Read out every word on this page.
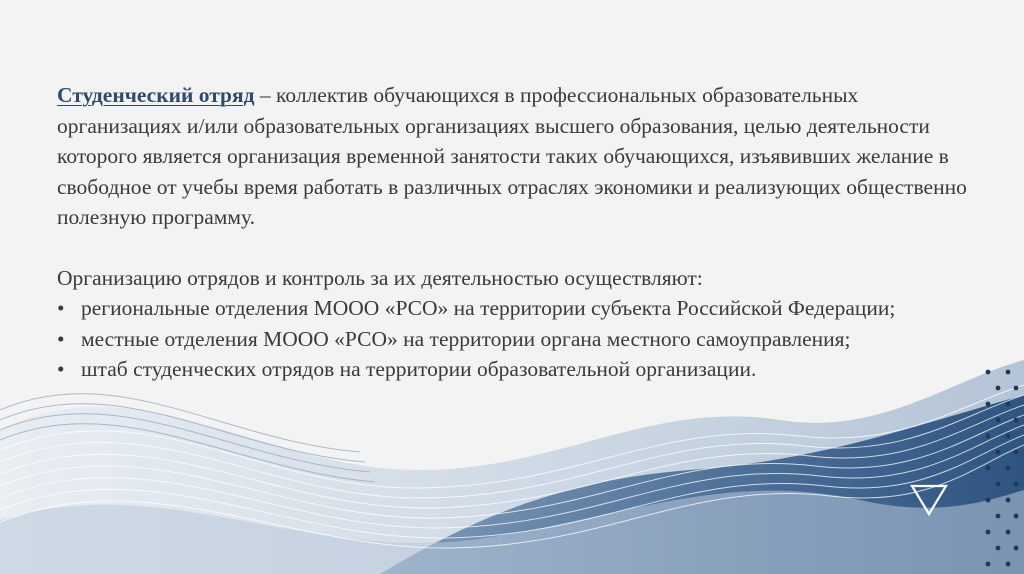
Студенческий отряд – коллектив обучающихся в профессиональных образовательных организациях и/или образовательных организациях высшего образования, целью деятельности которого является организация временной занятости таких обучающихся, изъявивших желание в свободное от учебы время работать в различных отраслях экономики и реализующих общественно полезную программу.

Организацию отрядов и контроль за их деятельностью осуществляют:

• региональные отделения МООО «РСО» на территории субъекта Российской Федерации;
• местные отделения МООО «РСО» на территории органа местного самоуправления;
• штаб студенческих отрядов на территории образовательной организации.
